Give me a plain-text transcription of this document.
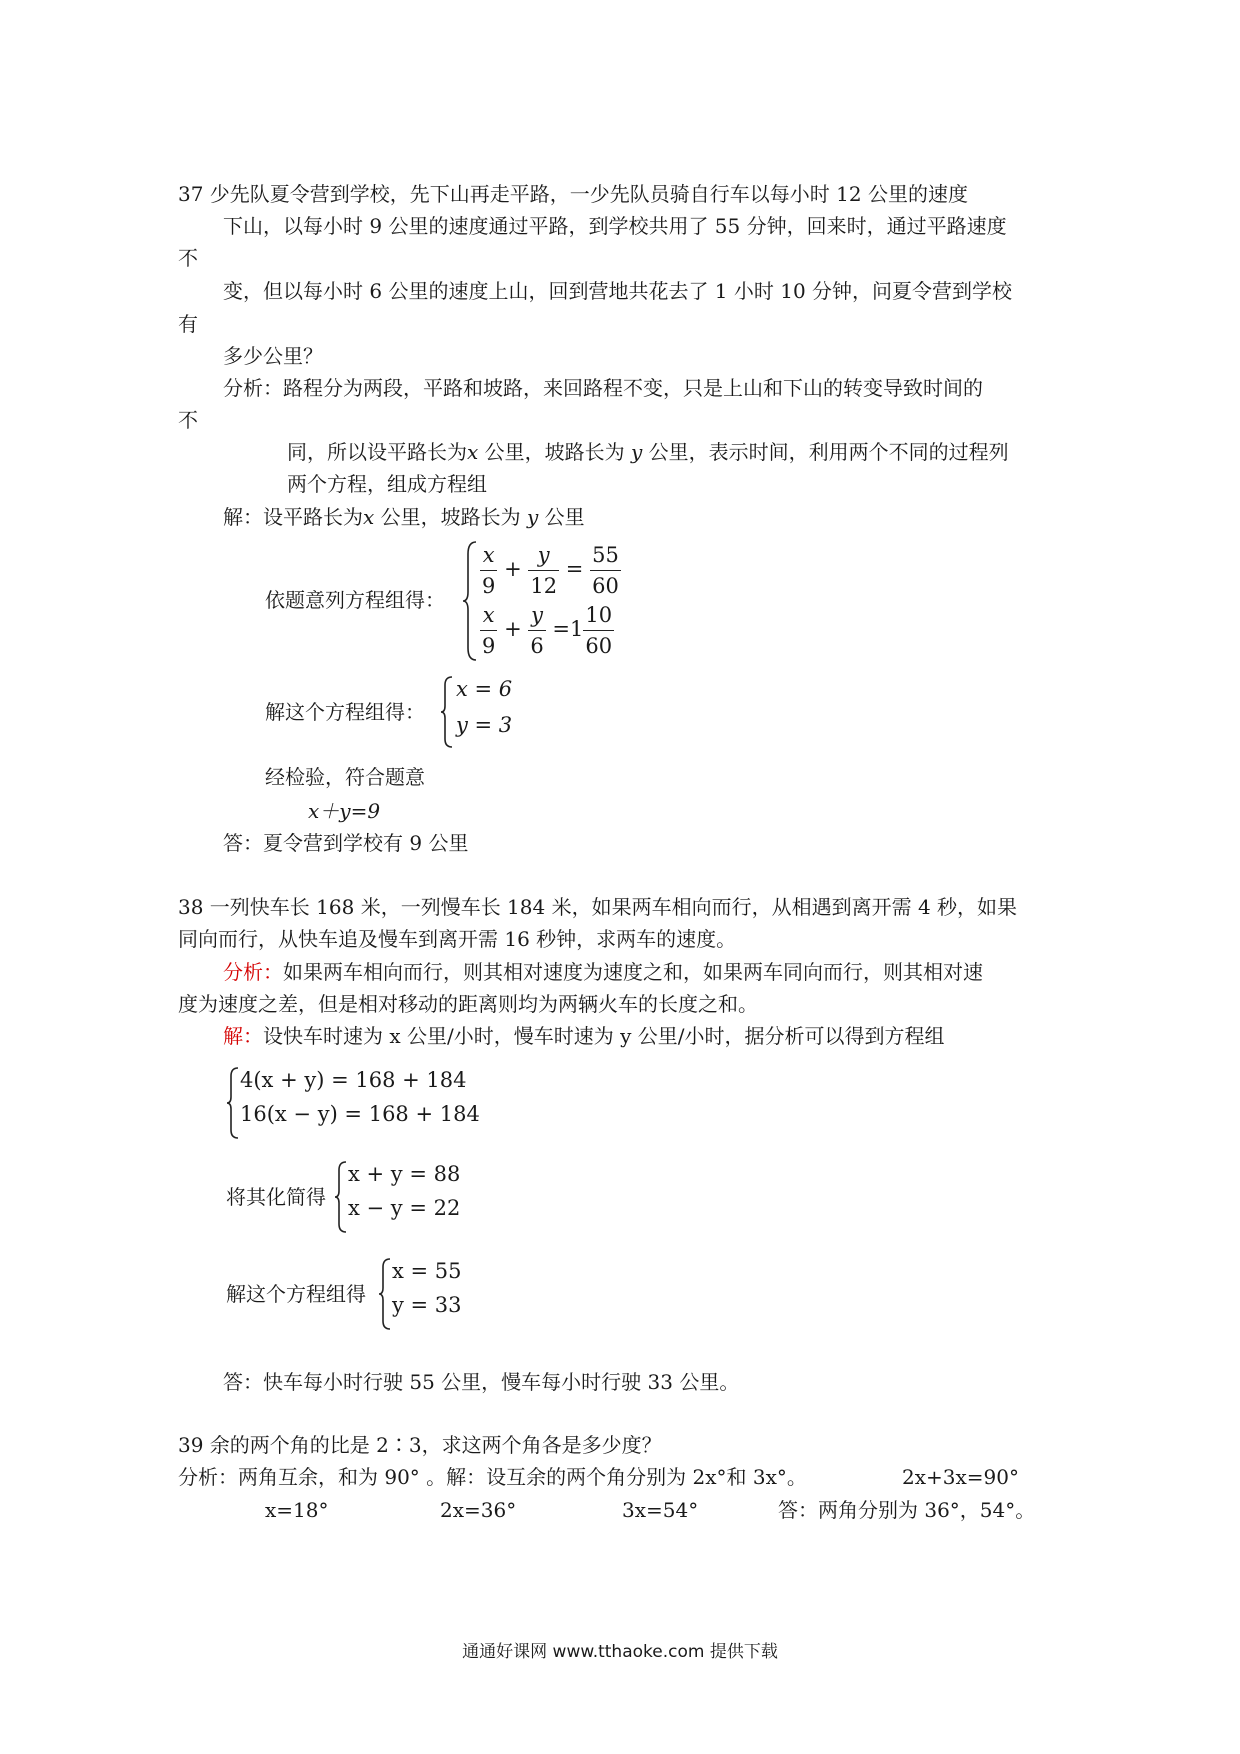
37 少先队夏令营到学校，先下山再走平路，一少先队员骑自行车以每小时 12 公里的速度
下山，以每小时 9 公里的速度通过平路，到学校共用了 55 分钟，回来时，通过平路速度
不
变，但以每小时 6 公里的速度上山，回到营地共花去了 1 小时 10 分钟，问夏令营到学校
有
多少公里？
分析：路程分为两段，平路和坡路，来回路程不变，只是上山和下山的转变导致时间的
不
同，所以设平路长为x 公里，坡路长为 y 公里，表示时间，利用两个不同的过程列
两个方程，组成方程组
解：设平路长为x 公里，坡路长为 y 公里
依题意列方程组得： $\frac{x}{9} + \frac{y}{12} = \frac{55}{60}$
$\frac{x}{9} + \frac{y}{6} =1 \frac{10}{60}$
解这个方程组得：
x = 6
y = 3
经检验，符合题意
x＋y=9
答：夏令营到学校有 9 公里
38 一列快车长 168 米，一列慢车长 184 米，如果两车相向而行，从相遇到离开需 4 秒，如果
同向而行，从快车追及慢车到离开需 16 秒钟，求两车的速度。
分析：如果两车相向而行，则其相对速度为速度之和，如果两车同向而行，则其相对速
度为速度之差，但是相对移动的距离则均为两辆火车的长度之和。
解：设快车时速为 x 公里/小时，慢车时速为 y 公里/小时，据分析可以得到方程组
4(x + y) = 168 + 184
16(x − y) = 168 + 184
将其化简得
x + y = 88
x − y = 22
解这个方程组得
x = 55
y = 33
答：快车每小时行驶 55 公里，慢车每小时行驶 33 公里。
39 余的两个角的比是 2∶3，求这两个角各是多少度？
分析：两角互余，和为 90° 。解：设互余的两个角分别为 2x°和 3x°。	2x+3x=90°
x=18°	2x=36°	3x=54°	答：两角分别为 36°，54°。
通通好课网 www.tthaoke.com 提供下载
